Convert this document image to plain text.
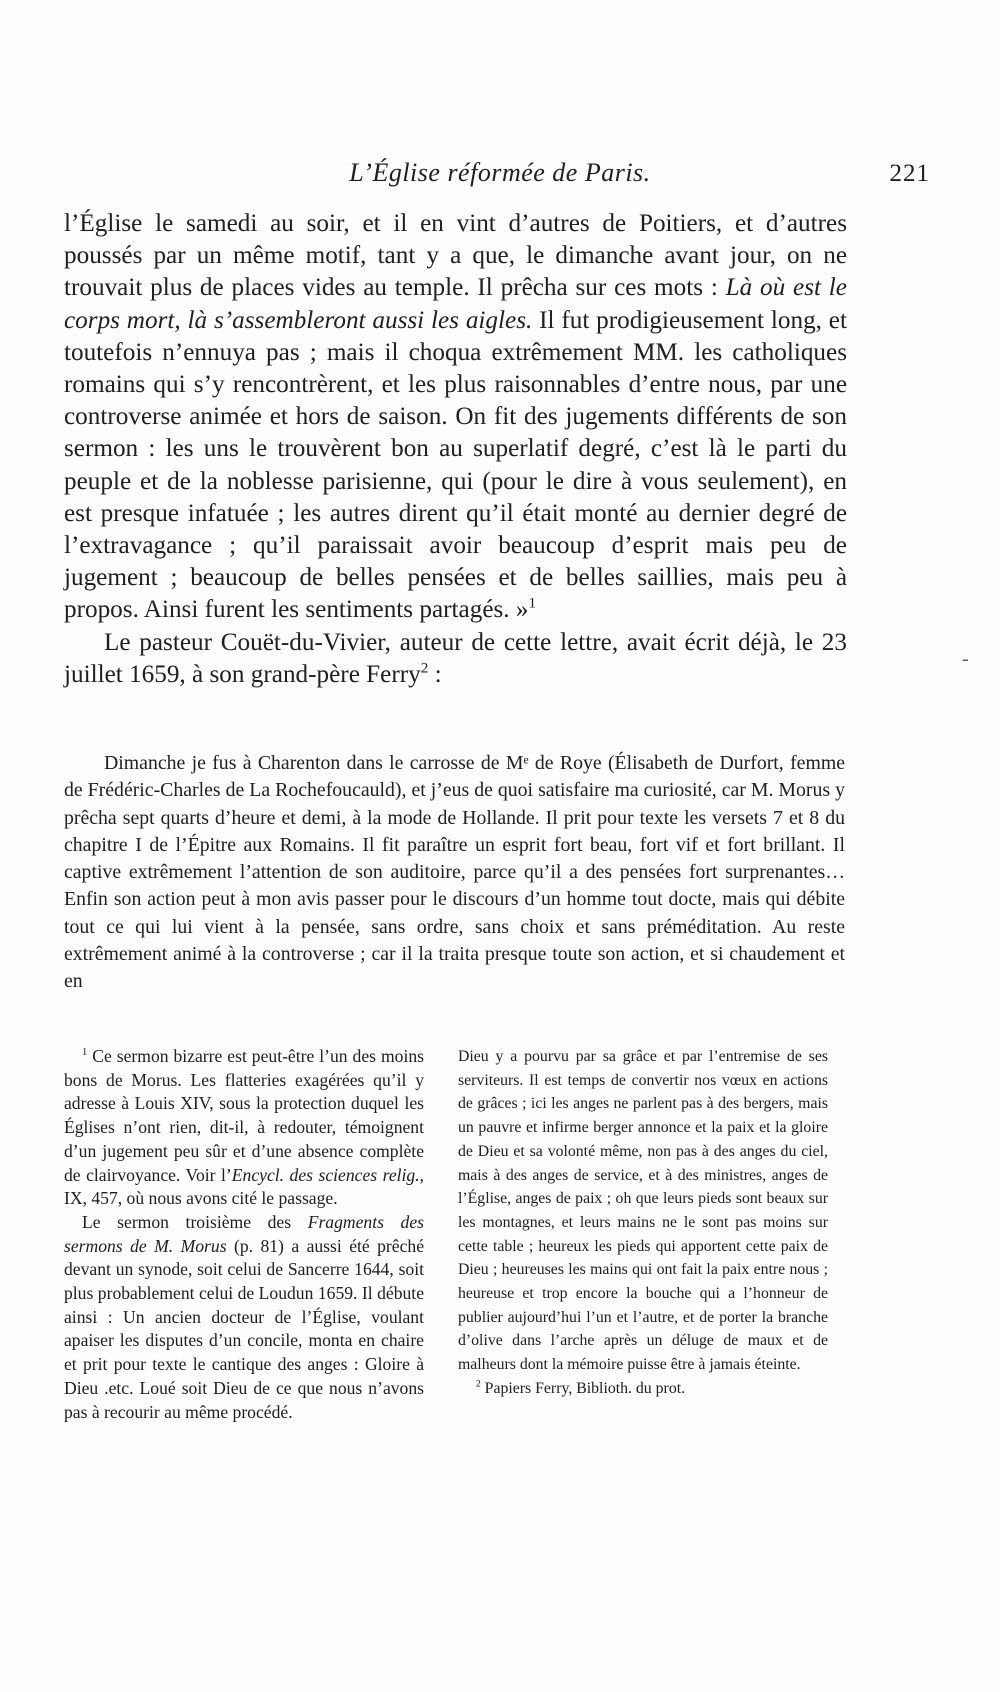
L’Église réformée de Paris.	221

l’Église le samedi au soir, et il en vint d’autres de Poitiers, et d’autres poussés par un même motif, tant y a que, le dimanche avant jour, on ne trouvait plus de places vides au temple. Il prêcha sur ces mots : Là où est le corps mort, là s’assembleront aussi les aigles. Il fut prodigieusement long, et toutefois n’ennuya pas ; mais il choqua extrêmement MM. les catholiques romains qui s’y rencontrèrent, et les plus raisonnables d’entre nous, par une controverse animée et hors de saison. On fit des jugements différents de son sermon : les uns le trouvèrent bon au superlatif degré, c’est là le parti du peuple et de la noblesse parisienne, qui (pour le dire à vous seulement), en est presque infatuée ; les autres dirent qu’il était monté au dernier degré de l’extravagance ; qu’il paraissait avoir beaucoup d’esprit mais peu de jugement ; beaucoup de belles pensées et de belles saillies, mais peu à propos. Ainsi furent les sentiments partagés. »$^1$

Le pasteur Couët-du-Vivier, auteur de cette lettre, avait écrit déjà, le 23 juillet 1659, à son grand-père Ferry$^2$ :

Dimanche je fus à Charenton dans le carrosse de Mᵉ de Roye (Élisabeth de Durfort, femme de Frédéric-Charles de La Rochefoucauld), et j’eus de quoi satisfaire ma curiosité, car M. Morus y prêcha sept quarts d’heure et demi, à la mode de Hollande. Il prit pour texte les versets 7 et 8 du chapitre I de l’Épitre aux Romains. Il fit paraître un esprit fort beau, fort vif et fort brillant. Il captive extrêmement l’attention de son auditoire, parce qu’il a des pensées fort surprenantes… Enfin son action peut à mon avis passer pour le discours d’un homme tout docte, mais qui débite tout ce qui lui vient à la pensée, sans ordre, sans choix et sans préméditation. Au reste extrêmement animé à la controverse ; car il la traita presque toute son action, et si chaudement et en

$^1$ Ce sermon bizarre est peut-être l’un des moins bons de Morus. Les flatteries exagérées qu’il y adresse à Louis XIV, sous la protection duquel les Églises n’ont rien, dit-il, à redouter, témoignent d’un jugement peu sûr et d’une absence complète de clairvoyance. Voir l’Encycl. des sciences relig., IX, 457, où nous avons cité le passage.

Le sermon troisième des Fragments des sermons de M. Morus (p. 81) a aussi été prêché devant un synode, soit celui de Sancerre 1644, soit plus probablement celui de Loudun 1659. Il débute ainsi : Un ancien docteur de l’Église, voulant apaiser les disputes d’un concile, monta en chaire et prit pour texte le cantique des anges : Gloire à Dieu .etc. Loué soit Dieu de ce que nous n’avons pas à recourir au même procédé.

Dieu y a pourvu par sa grâce et par l’entremise de ses serviteurs. Il est temps de convertir nos vœux en actions de grâces ; ici les anges ne parlent pas à des bergers, mais un pauvre et infirme berger annonce et la paix et la gloire de Dieu et sa volonté même, non pas à des anges du ciel, mais à des anges de service, et à des ministres, anges de l’Église, anges de paix ; oh que leurs pieds sont beaux sur les montagnes, et leurs mains ne le sont pas moins sur cette table ; heureux les pieds qui apportent cette paix de Dieu ; heureuses les mains qui ont fait la paix entre nous ; heureuse et trop encore la bouche qui a l’honneur de publier aujourd’hui l’un et l’autre, et de porter la branche d’olive dans l’arche après un déluge de maux et de malheurs dont la mémoire puisse être à jamais éteinte.

$^2$ Papiers Ferry, Biblioth. du prot.

-
